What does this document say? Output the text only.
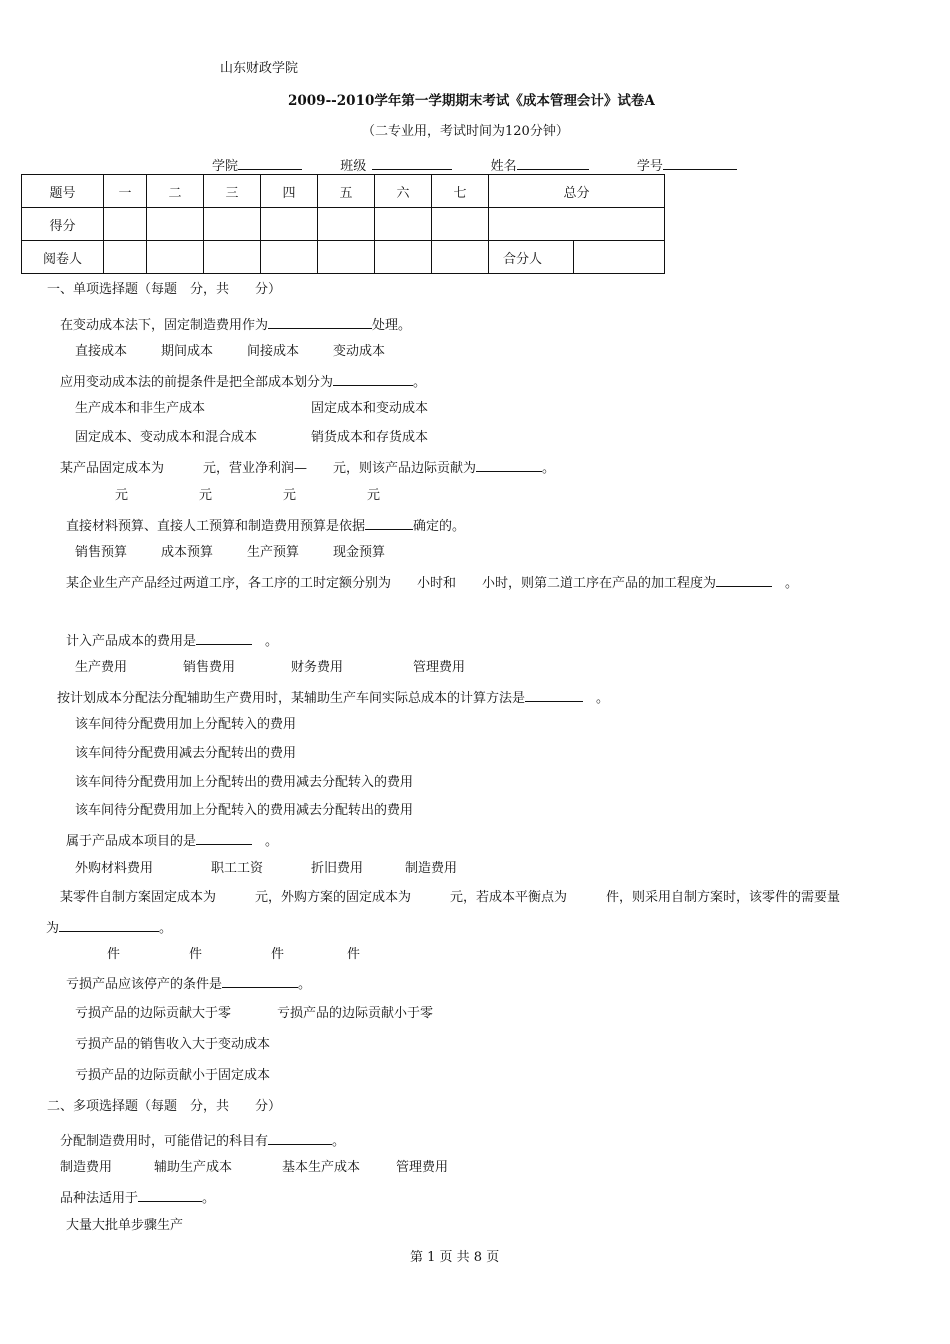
山东财政学院
2009--2010学年第一学期期末考试《成本管理会计》试卷A
（二专业用，考试时间为120分钟）
学院	班级	姓名	学号
题号	一	二	三	四	五	六	七	总分	
得分									
阅卷人								合分人	
一、单项选择题（每题　分，共　　分）
在变动成本法下，固定制造费用作为	处理。
直接成本	期间成本	间接成本	变动成本
应用变动成本法的前提条件是把全部成本划分为	。
生产成本和非生产成本	固定成本和变动成本
固定成本、变动成本和混合成本	销货成本和存货成本
某产品固定成本为　　　元，营业净利润—　　元，则该产品边际贡献为	。
元	元	元	元
直接材料预算、直接人工预算和制造费用预算是依据	确定的。
销售预算	成本预算	生产预算	现金预算
某企业生产产品经过两道工序，各工序的工时定额分别为　　小时和　　小时，则第二道工序在产品的加工程度为	　。
计入产品成本的费用是	　。
生产费用	销售费用	财务费用	管理费用
按计划成本分配法分配辅助生产费用时，某辅助生产车间实际总成本的计算方法是	　。
该车间待分配费用加上分配转入的费用
该车间待分配费用减去分配转出的费用
该车间待分配费用加上分配转出的费用减去分配转入的费用
该车间待分配费用加上分配转入的费用减去分配转出的费用
属于产品成本项目的是	　。
外购材料费用	职工工资	折旧费用	制造费用
某零件自制方案固定成本为　　　元，外购方案的固定成本为　　　元，若成本平衡点为　　　件，则采用自制方案时，该零件的需要量
为	。
件	件	件	件
亏损产品应该停产的条件是	。
亏损产品的边际贡献大于零	亏损产品的边际贡献小于零
亏损产品的销售收入大于变动成本
亏损产品的边际贡献小于固定成本
二、多项选择题（每题　分，共　　分）
分配制造费用时，可能借记的科目有	。
制造费用	辅助生产成本	基本生产成本	管理费用
品种法适用于	。
大量大批单步骤生产
第 1 页 共 8 页
